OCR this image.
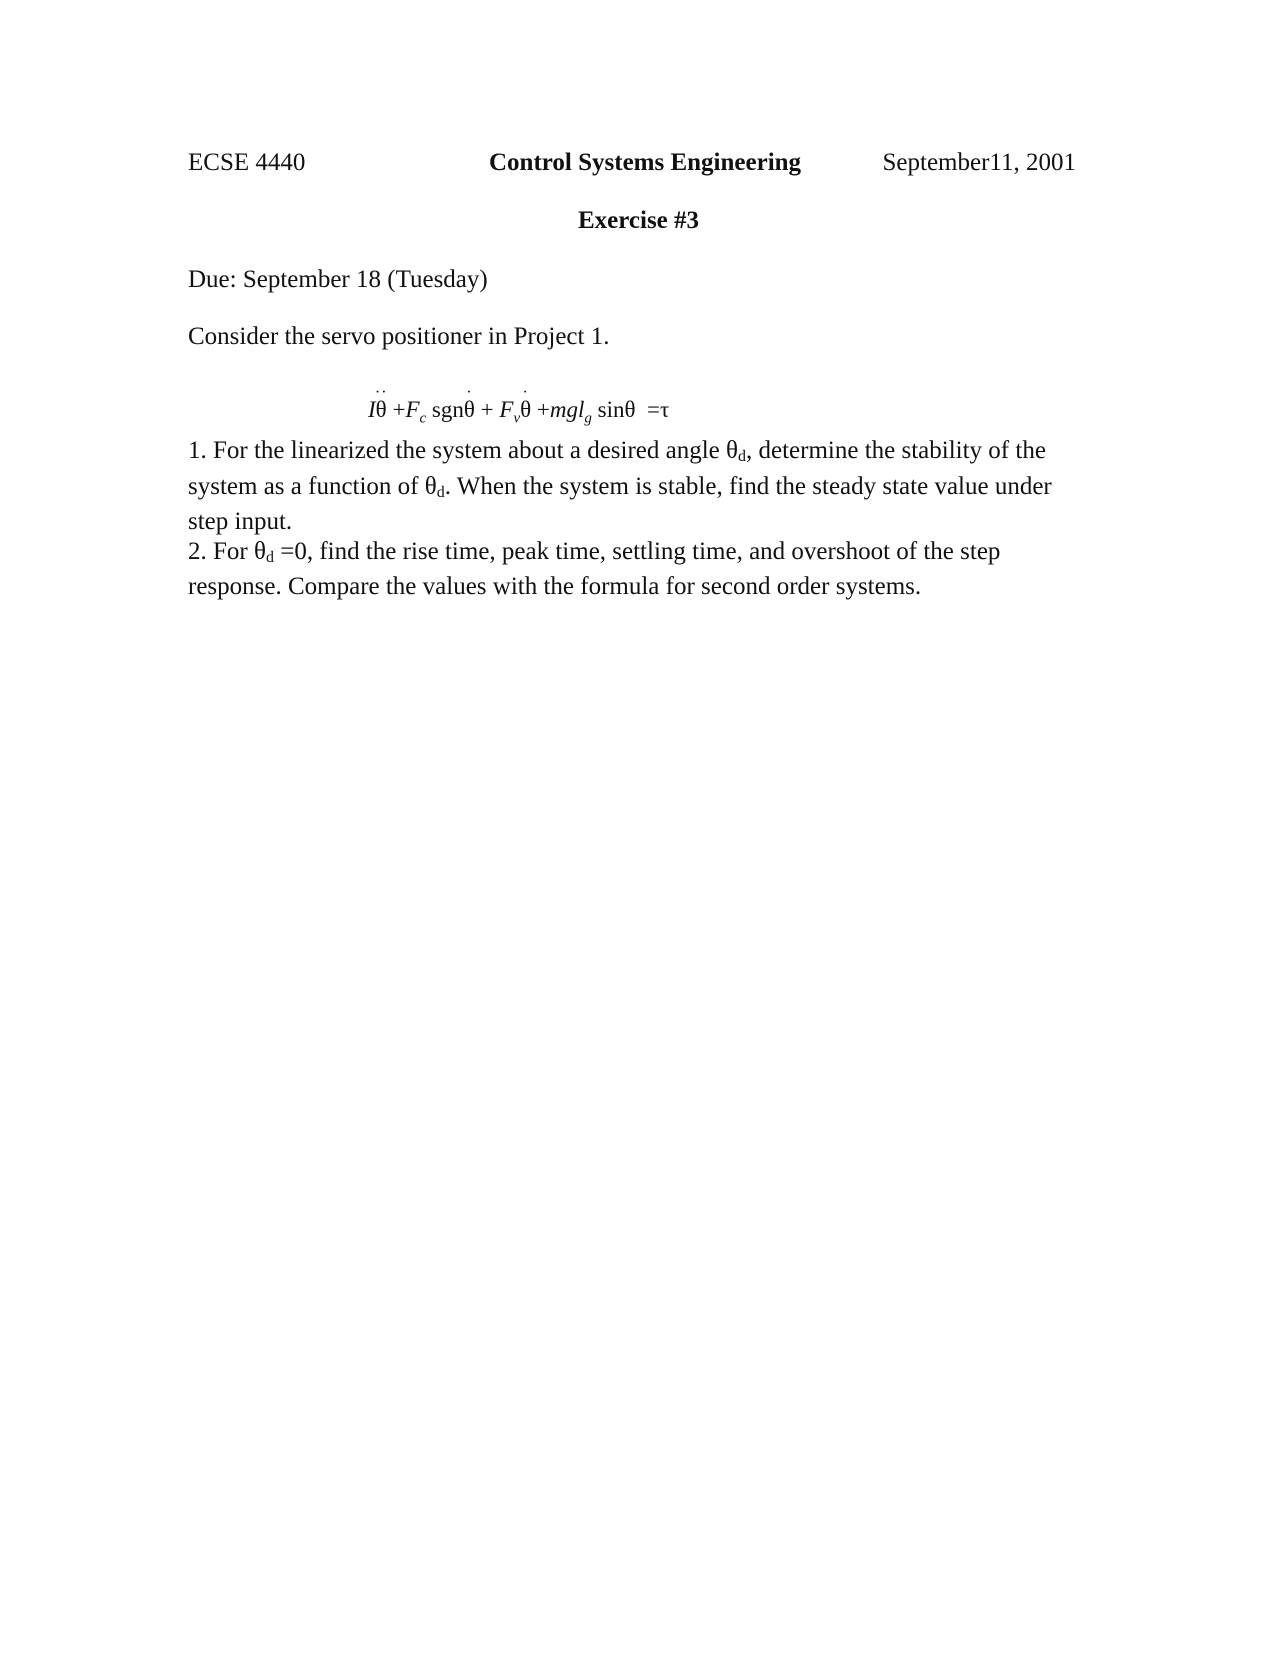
ECSE 4440	Control Systems Engineering	September11, 2001
Exercise #3
Due: September 18 (Tuesday)
Consider the servo positioner in Project 1.
Iθ
··
$+F_c$ sgnθ
·
+ $F_v\theta$
·
+mgl$_g$ sinθ =τ

1. For the linearized the system about a desired angle θd, determine the stability of the system as a function of θd. When the system is stable, find the steady state value under step input.

2. For θd =0, find the rise time, peak time, settling time, and overshoot of the step response. Compare the values with the formula for second order systems.
